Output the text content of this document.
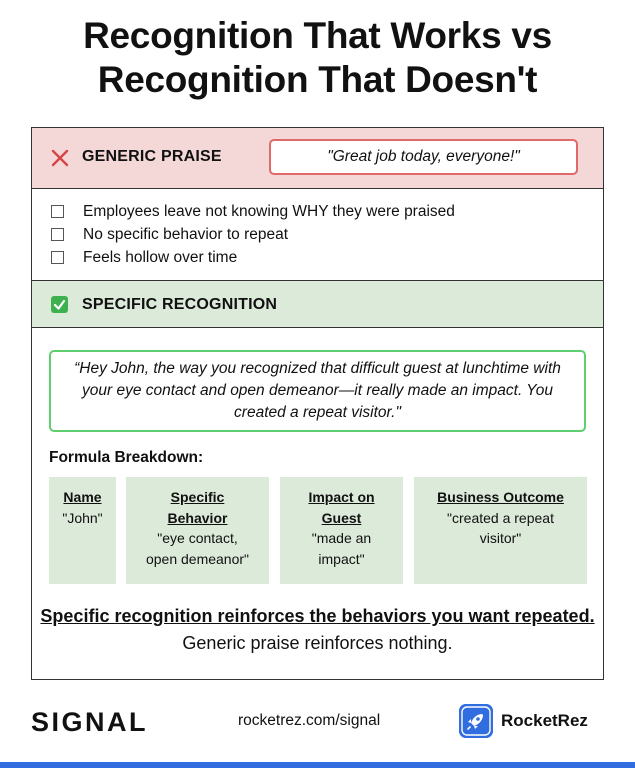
Recognition That Works vs
Recognition That Doesn't
GENERIC PRAISE	"Great job today, everyone!"
Employees leave not knowing WHY they were praised
No specific behavior to repeat
Feels hollow over time
SPECIFIC RECOGNITION
“Hey John, the way you recognized that difficult guest at lunchtime with your eye contact and open demeanor—it really made an impact. You created a repeat visitor."
Formula Breakdown:
Name
"John"
Specific Behavior
"eye contact, open demeanor"
Impact on Guest
"made an impact"
Business Outcome
"created a repeat visitor"
Specific recognition reinforces the behaviors you want repeated. Generic praise reinforces nothing.
SIGNAL	rocketrez.com/signal	RocketRez
